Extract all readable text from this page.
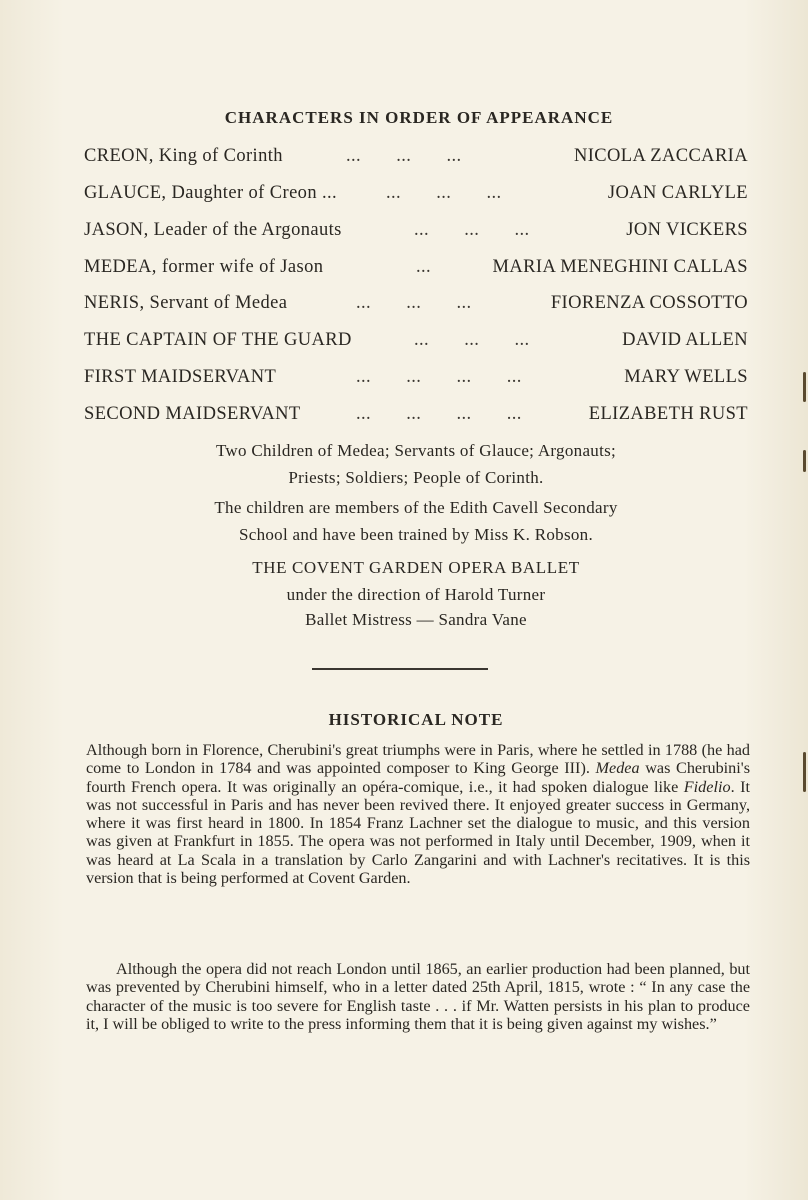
CHARACTERS IN ORDER OF APPEARANCE
CREON, King of Corinth	...       ...       ...	NICOLA ZACCARIA
GLAUCE, Daughter of Creon ...	...       ...       ...	JOAN CARLYLE
JASON, Leader of the Argonauts	...       ...       ...	JON VICKERS
MEDEA, former wife of Jason	...	MARIA MENEGHINI CALLAS
NERIS, Servant of Medea	...       ...       ...	FIORENZA COSSOTTO
THE CAPTAIN OF THE GUARD	...       ...       ...	DAVID ALLEN
FIRST MAIDSERVANT	...       ...       ...       ...	MARY WELLS
SECOND MAIDSERVANT	...       ...       ...       ...	ELIZABETH RUST
Two Children of Medea; Servants of Glauce; Argonauts;
Priests; Soldiers; People of Corinth.
The children are members of the Edith Cavell Secondary
School and have been trained by Miss K. Robson.
THE COVENT GARDEN OPERA BALLET
under the direction of Harold Turner
Ballet Mistress — Sandra Vane
HISTORICAL NOTE

Although born in Florence, Cherubini's great triumphs were in Paris, where he settled in 1788 (he had come to London in 1784 and was appointed composer to King George III). Medea was Cherubini's fourth French opera. It was originally an opéra-comique, i.e., it had spoken dialogue like Fidelio. It was not successful in Paris and has never been revived there. It enjoyed greater success in Germany, where it was first heard in 1800. In 1854 Franz Lachner set the dialogue to music, and this version was given at Frankfurt in 1855. The opera was not performed in Italy until December, 1909, when it was heard at La Scala in a translation by Carlo Zangarini and with Lachner's recitatives. It is this version that is being performed at Covent Garden.

Although the opera did not reach London until 1865, an earlier production had been planned, but was prevented by Cherubini himself, who in a letter dated 25th April, 1815, wrote : “ In any case the character of the music is too severe for English taste . . . if Mr. Watten persists in his plan to produce it, I will be obliged to write to the press informing them that it is being given against my wishes.”
